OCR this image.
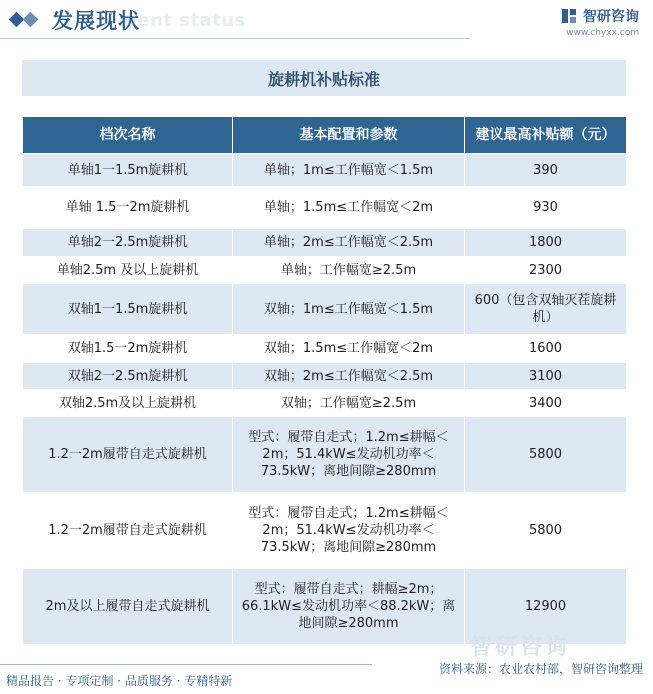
ment status
发展现状	智研咨询
www.chyxx.com
旋耕机补贴标准
档次名称	基本配置和参数	建议最高补贴额（元）
单轴1一1.5m旋耕机	单轴；1m≤工作幅宽＜1.5m	390
单轴 1.5一2m旋耕机	单轴；1.5m≤工作幅宽＜2m	930
单轴2一2.5m旋耕机	单轴；2m≤工作幅宽＜2.5m	1800
单轴2.5m 及以上旋耕机	单轴；工作幅宽≥2.5m	2300
双轴1一1.5m旋耕机	双轴；1m≤工作幅宽＜1.5m	600（包含双轴灭茬旋耕机）
双轴1.5一2m旋耕机	双轴；1.5m≤工作幅宽＜2m	1600
双轴2一2.5m旋耕机	双轴；2m≤工作幅宽＜2.5m	3100
双轴2.5m及以上旋耕机	双轴；工作幅宽≥2.5m	3400
1.2一2m履带自走式旋耕机	型式：履带自走式；1.2m≤耕幅＜2m；51.4kW≤发动机功率＜73.5kW；离地间隙≥280mm	5800
1.2一2m履带自走式旋耕机	型式：履带自走式；1.2m≤耕幅＜2m；51.4kW≤发动机功率＜73.5kW；离地间隙≥280mm	5800
2m及以上履带自走式旋耕机	型式：履带自走式；耕幅≥2m；66.1kW≤发动机功率＜88.2kW；离地间隙≥280mm	12900
智研咨询
精品报告 · 专项定制 · 品质服务 · 专精特新
资料来源：农业农村部，智研咨询整理
